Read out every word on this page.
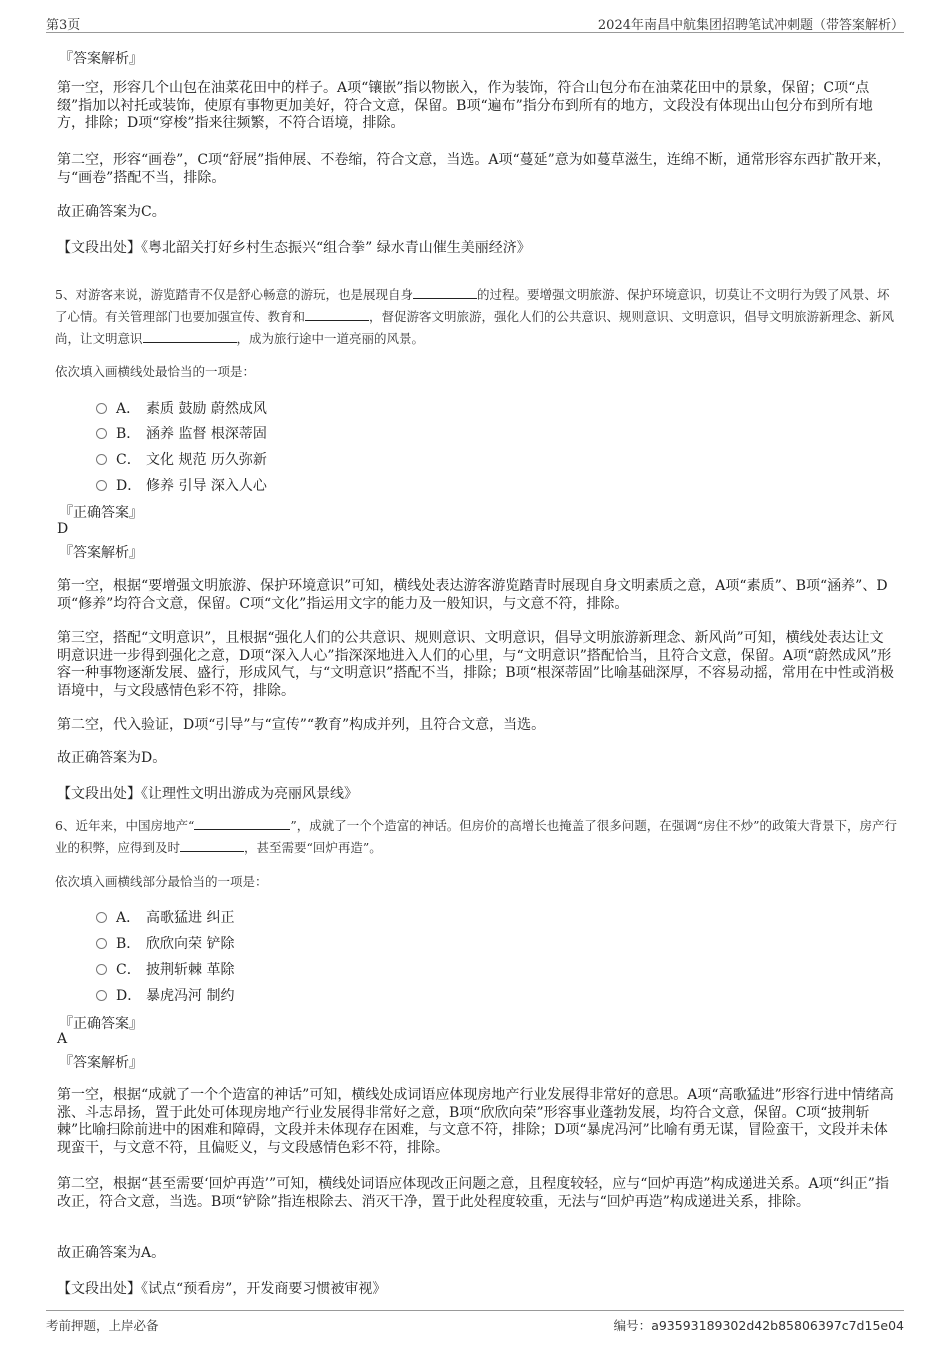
第3页	2024年南昌中航集团招聘笔试冲刺题（带答案解析）
『答案解析』
第一空，形容几个山包在油菜花田中的样子。A项“镶嵌”指以物嵌入，作为装饰，符合山包分布在油菜花田中的景象，保留；C项“点缀”指加以衬托或装饰，使原有事物更加美好，符合文意，保留。B项“遍布”指分布到所有的地方，文段没有体现出山包分布到所有地方，排除；D项“穿梭”指来往频繁，不符合语境，排除。
第二空，形容“画卷”，C项“舒展”指伸展、不卷缩，符合文意，当选。A项“蔓延”意为如蔓草滋生，连绵不断，通常形容东西扩散开来，与“画卷”搭配不当，排除。
故正确答案为C。
【文段出处】《粤北韶关打好乡村生态振兴“组合拳” 绿水青山催生美丽经济》
5、对游客来说，游览踏青不仅是舒心畅意的游玩，也是展现自身	的过程。要增强文明旅游、保护环境意识，切莫让不文明行为毁了风景、坏了心情。有关管理部门也要加强宣传、教育和	，督促游客文明旅游，强化人们的公共意识、规则意识、文明意识，倡导文明旅游新理念、新风尚，让文明意识	，成为旅行途中一道亮丽的风景。
依次填入画横线处最恰当的一项是：
A． 素质 鼓励 蔚然成风
B． 涵养 监督 根深蒂固
C． 文化 规范 历久弥新
D． 修养 引导 深入人心
『正确答案』
D
『答案解析』
第一空，根据“要增强文明旅游、保护环境意识”可知，横线处表达游客游览踏青时展现自身文明素质之意，A项“素质”、B项“涵养”、D项“修养”均符合文意，保留。C项“文化”指运用文字的能力及一般知识，与文意不符，排除。
第三空，搭配“文明意识”，且根据“强化人们的公共意识、规则意识、文明意识，倡导文明旅游新理念、新风尚”可知，横线处表达让文明意识进一步得到强化之意，D项“深入人心”指深深地进入人们的心里，与“文明意识”搭配恰当，且符合文意，保留。A项“蔚然成风”形容一种事物逐渐发展、盛行，形成风气，与“文明意识”搭配不当，排除；B项“根深蒂固”比喻基础深厚，不容易动摇，常用在中性或消极语境中，与文段感情色彩不符，排除。
第二空，代入验证，D项“引导”与“宣传”“教育”构成并列，且符合文意，当选。
故正确答案为D。
【文段出处】《让理性文明出游成为亮丽风景线》
6、近年来，中国房地产“	”，成就了一个个造富的神话。但房价的高增长也掩盖了很多问题，在强调“房住不炒”的政策大背景下，房产行业的积弊，应得到及时	，甚至需要“回炉再造”。
依次填入画横线部分最恰当的一项是：
A． 高歌猛进 纠正
B． 欣欣向荣 铲除
C． 披荆斩棘 革除
D． 暴虎冯河 制约
『正确答案』
A
『答案解析』
第一空，根据“成就了一个个造富的神话”可知，横线处成词语应体现房地产行业发展得非常好的意思。A项“高歌猛进”形容行进中情绪高涨、斗志昂扬，置于此处可体现房地产行业发展得非常好之意，B项“欣欣向荣”形容事业蓬勃发展，均符合文意，保留。C项“披荆斩棘”比喻扫除前进中的困难和障碍，文段并未体现存在困难，与文意不符，排除；D项“暴虎冯河”比喻有勇无谋，冒险蛮干，文段并未体现蛮干，与文意不符，且偏贬义，与文段感情色彩不符，排除。
第二空，根据“甚至需要‘回炉再造’”可知，横线处词语应体现改正问题之意，且程度较轻，应与“回炉再造”构成递进关系。A项“纠正”指改正，符合文意，当选。B项“铲除”指连根除去、消灭干净，置于此处程度较重，无法与“回炉再造”构成递进关系，排除。
故正确答案为A。
【文段出处】《试点“预看房”，开发商要习惯被审视》
考前押题，上岸必备	编号：a93593189302d42b85806397c7d15e04
